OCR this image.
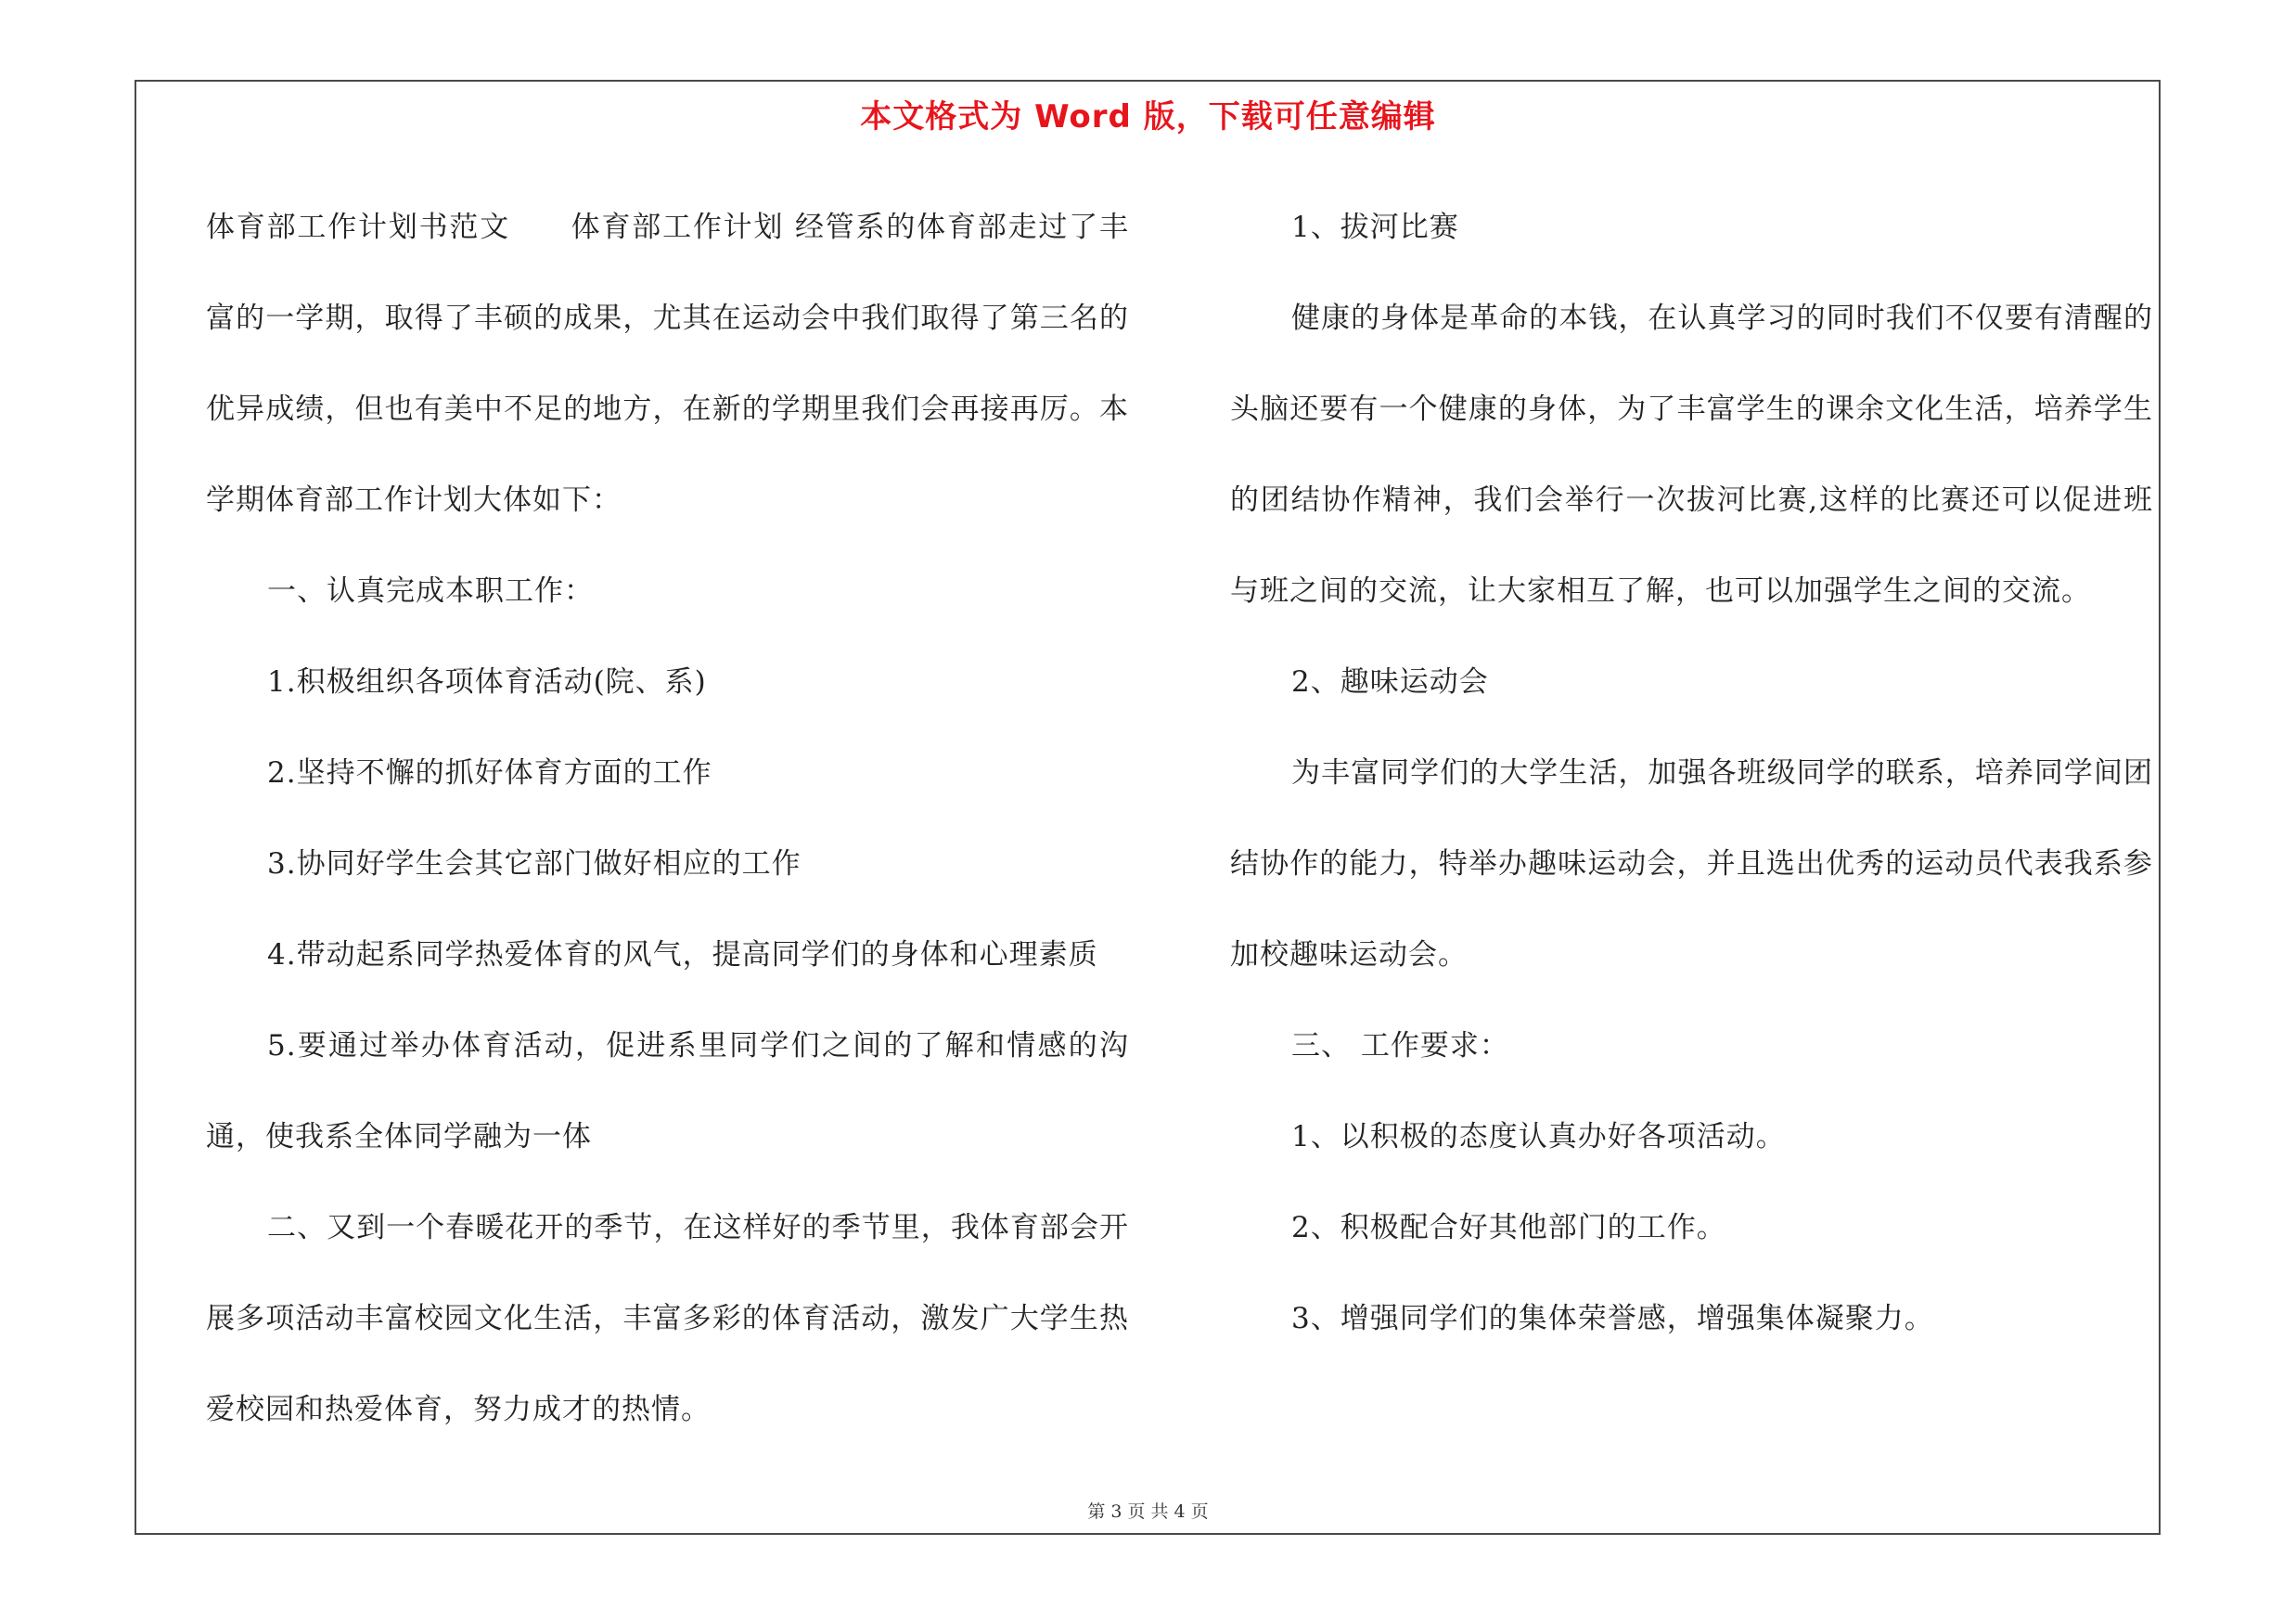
本文格式为 Word 版，下载可任意编辑

体育部工作计划书范文　　体育部工作计划 经管系的体育部走过了丰富的一学期，取得了丰硕的成果，尤其在运动会中我们取得了第三名的优异成绩，但也有美中不足的地方，在新的学期里我们会再接再厉。本学期体育部工作计划大体如下：

一、认真完成本职工作：

1.积极组织各项体育活动(院、系)

2.坚持不懈的抓好体育方面的工作

3.协同好学生会其它部门做好相应的工作

4.带动起系同学热爱体育的风气，提高同学们的身体和心理素质

5.要通过举办体育活动，促进系里同学们之间的了解和情感的沟通，使我系全体同学融为一体

二、又到一个春暖花开的季节，在这样好的季节里，我体育部会开展多项活动丰富校园文化生活，丰富多彩的体育活动，激发广大学生热爱校园和热爱体育，努力成才的热情。

1、拔河比赛

健康的身体是革命的本钱，在认真学习的同时我们不仅要有清醒的头脑还要有一个健康的身体，为了丰富学生的课余文化生活，培养学生的团结协作精神，我们会举行一次拔河比赛,这样的比赛还可以促进班与班之间的交流，让大家相互了解，也可以加强学生之间的交流。

2、趣味运动会

为丰富同学们的大学生活，加强各班级同学的联系，培养同学间团结协作的能力，特举办趣味运动会，并且选出优秀的运动员代表我系参加校趣味运动会。

三、 工作要求：

1、以积极的态度认真办好各项活动。

2、积极配合好其他部门的工作。

3、增强同学们的集体荣誉感，增强集体凝聚力。

第 3 页 共 4 页
